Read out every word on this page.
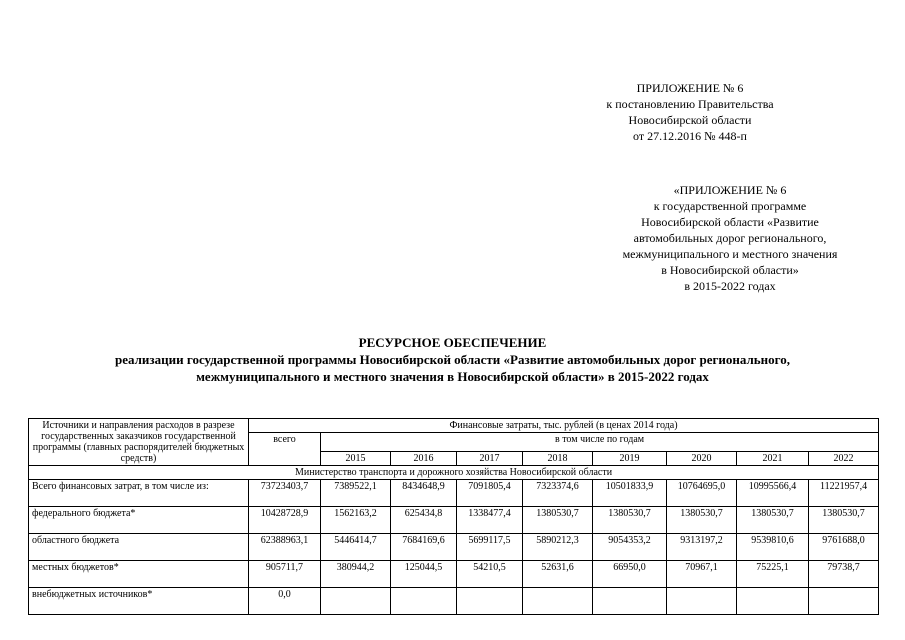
ПРИЛОЖЕНИЕ № 6
к постановлению Правительства
Новосибирской области
от 27.12.2016 № 448-п
«ПРИЛОЖЕНИЕ № 6
к государственной программе
Новосибирской области «Развитие
автомобильных дорог регионального,
межмуниципального и местного значения
в Новосибирской области»
в 2015-2022 годах
РЕСУРСНОЕ ОБЕСПЕЧЕНИЕ
реализации государственной программы Новосибирской области «Развитие автомобильных дорог регионального,
межмуниципального и местного значения в Новосибирской области» в 2015-2022 годах
Источники и направления расходов в разрезе государственных заказчиков государственной программы (главных распорядителей бюджетных средств)	Финансовые затраты, тыс. рублей (в ценах 2014 года)								
	всего	в том числе по годам							
		2015	2016	2017	2018	2019	2020	2021	2022
Министерство транспорта и дорожного хозяйства Новосибирской области									
Всего финансовых затрат, в том числе из:	73723403,7	7389522,1	8434648,9	7091805,4	7323374,6	10501833,9	10764695,0	10995566,4	11221957,4
федерального бюджета*	10428728,9	1562163,2	625434,8	1338477,4	1380530,7	1380530,7	1380530,7	1380530,7	1380530,7
областного бюджета	62388963,1	5446414,7	7684169,6	5699117,5	5890212,3	9054353,2	9313197,2	9539810,6	9761688,0
местных бюджетов*	905711,7	380944,2	125044,5	54210,5	52631,6	66950,0	70967,1	75225,1	79738,7
внебюджетных источников*	0,0								
